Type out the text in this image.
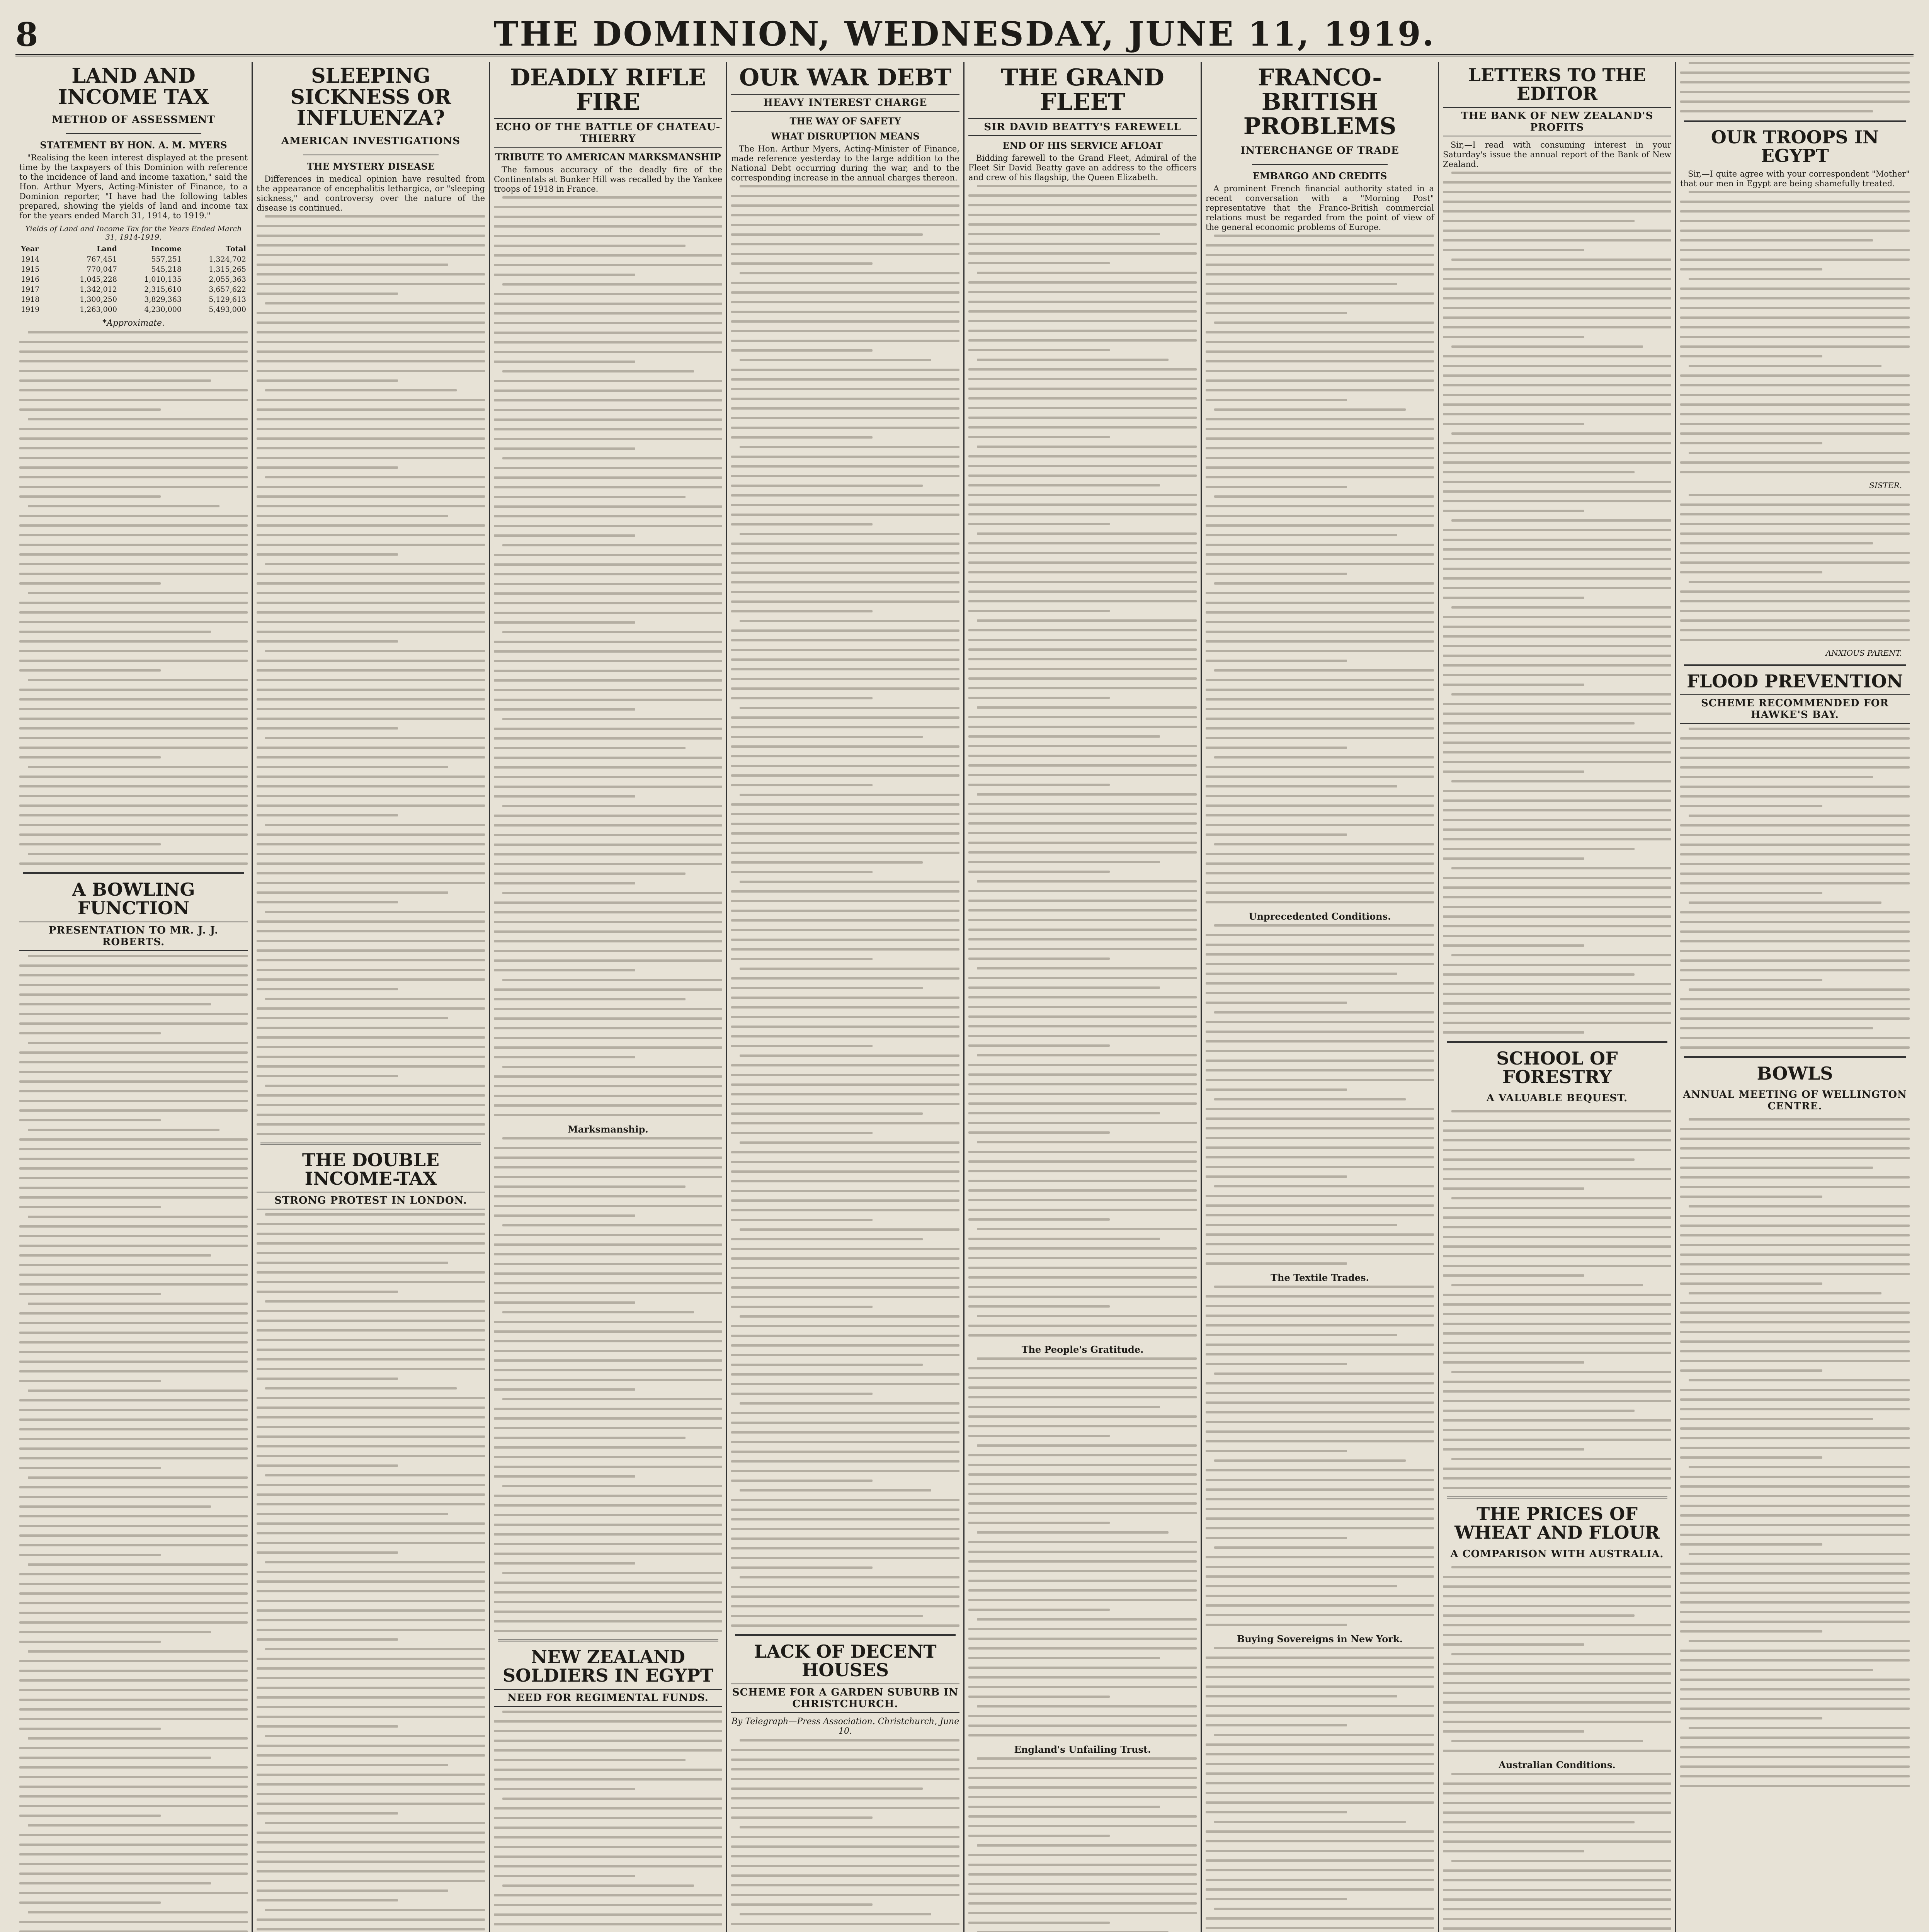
8	THE DOMINION, WEDNESDAY, JUNE 11, 1919.
LAND AND INCOME TAX
METHOD OF ASSESSMENT
STATEMENT BY HON. A. M. MYERS

"Realising the keen interest displayed at the present time by the taxpayers of this Dominion with reference to the incidence of land and income taxation," said the Hon. Arthur Myers, Acting-Minister of Finance, to a Dominion reporter, "I have had the following tables prepared, showing the yields of land and income tax for the years ended March 31, 1914, to 1919."

Yields of Land and Income Tax for the Years Ended March 31, 1914-1919.
Year	Land	Income	Total
1914	767,451	557,251	1,324,702
1915	770,047	545,218	1,315,265
1916	1,045,228	1,010,135	2,055,363
1917	1,342,012	2,315,610	3,657,622
1918	1,300,250	3,829,363	5,129,613
1919	1,263,000	4,230,000	5,493,000
*Approximate.
A BOWLING FUNCTION
PRESENTATION TO MR. J. J. ROBERTS.
SLEEPING SICKNESS OR INFLUENZA?
AMERICAN INVESTIGATIONS
THE MYSTERY DISEASE

Differences in medical opinion have resulted from the appearance of encephalitis lethargica, or "sleeping sickness," and controversy over the nature of the disease is continued.

THE DOUBLE INCOME-TAX
STRONG PROTEST IN LONDON.
DEADLY RIFLE FIRE
ECHO OF THE BATTLE OF CHATEAU-THIERRY
TRIBUTE TO AMERICAN MARKSMANSHIP

The famous accuracy of the deadly fire of the Continentals at Bunker Hill was recalled by the Yankee troops of 1918 in France.

Marksmanship.
NEW ZEALAND SOLDIERS IN EGYPT
NEED FOR REGIMENTAL FUNDS.
OUR WAR DEBT
HEAVY INTEREST CHARGE
THE WAY OF SAFETY
WHAT DISRUPTION MEANS

The Hon. Arthur Myers, Acting-Minister of Finance, made reference yesterday to the large addition to the National Debt occurring during the war, and to the corresponding increase in the annual charges thereon.

LACK OF DECENT HOUSES
SCHEME FOR A GARDEN SUBURB IN CHRISTCHURCH.
By Telegraph—Press Association. Christchurch, June 10.
THE GRAND FLEET
SIR DAVID BEATTY'S FAREWELL
END OF HIS SERVICE AFLOAT

Bidding farewell to the Grand Fleet, Admiral of the Fleet Sir David Beatty gave an address to the officers and crew of his flagship, the Queen Elizabeth.

The People's Gratitude.
England's Unfailing Trust.
FRANCO-BRITISH PROBLEMS
INTERCHANGE OF TRADE
EMBARGO AND CREDITS

A prominent French financial authority stated in a recent conversation with a "Morning Post" representative that the Franco-British commercial relations must be regarded from the point of view of the general economic problems of Europe.

Unprecedented Conditions.
The Textile Trades.
Buying Sovereigns in New York.
LETTERS TO THE EDITOR
THE BANK OF NEW ZEALAND'S PROFITS

Sir,—I read with consuming interest in your Saturday's issue the annual report of the Bank of New Zealand.

SCHOOL OF FORESTRY
A VALUABLE BEQUEST.
THE PRICES OF WHEAT AND FLOUR
A COMPARISON WITH AUSTRALIA.
Australian Conditions.
OUR TROOPS IN EGYPT

Sir,—I quite agree with your correspondent "Mother" that our men in Egypt are being shamefully treated.

SISTER.
ANXIOUS PARENT.
FLOOD PREVENTION
SCHEME RECOMMENDED FOR HAWKE'S BAY.
BOWLS
ANNUAL MEETING OF WELLINGTON CENTRE.
